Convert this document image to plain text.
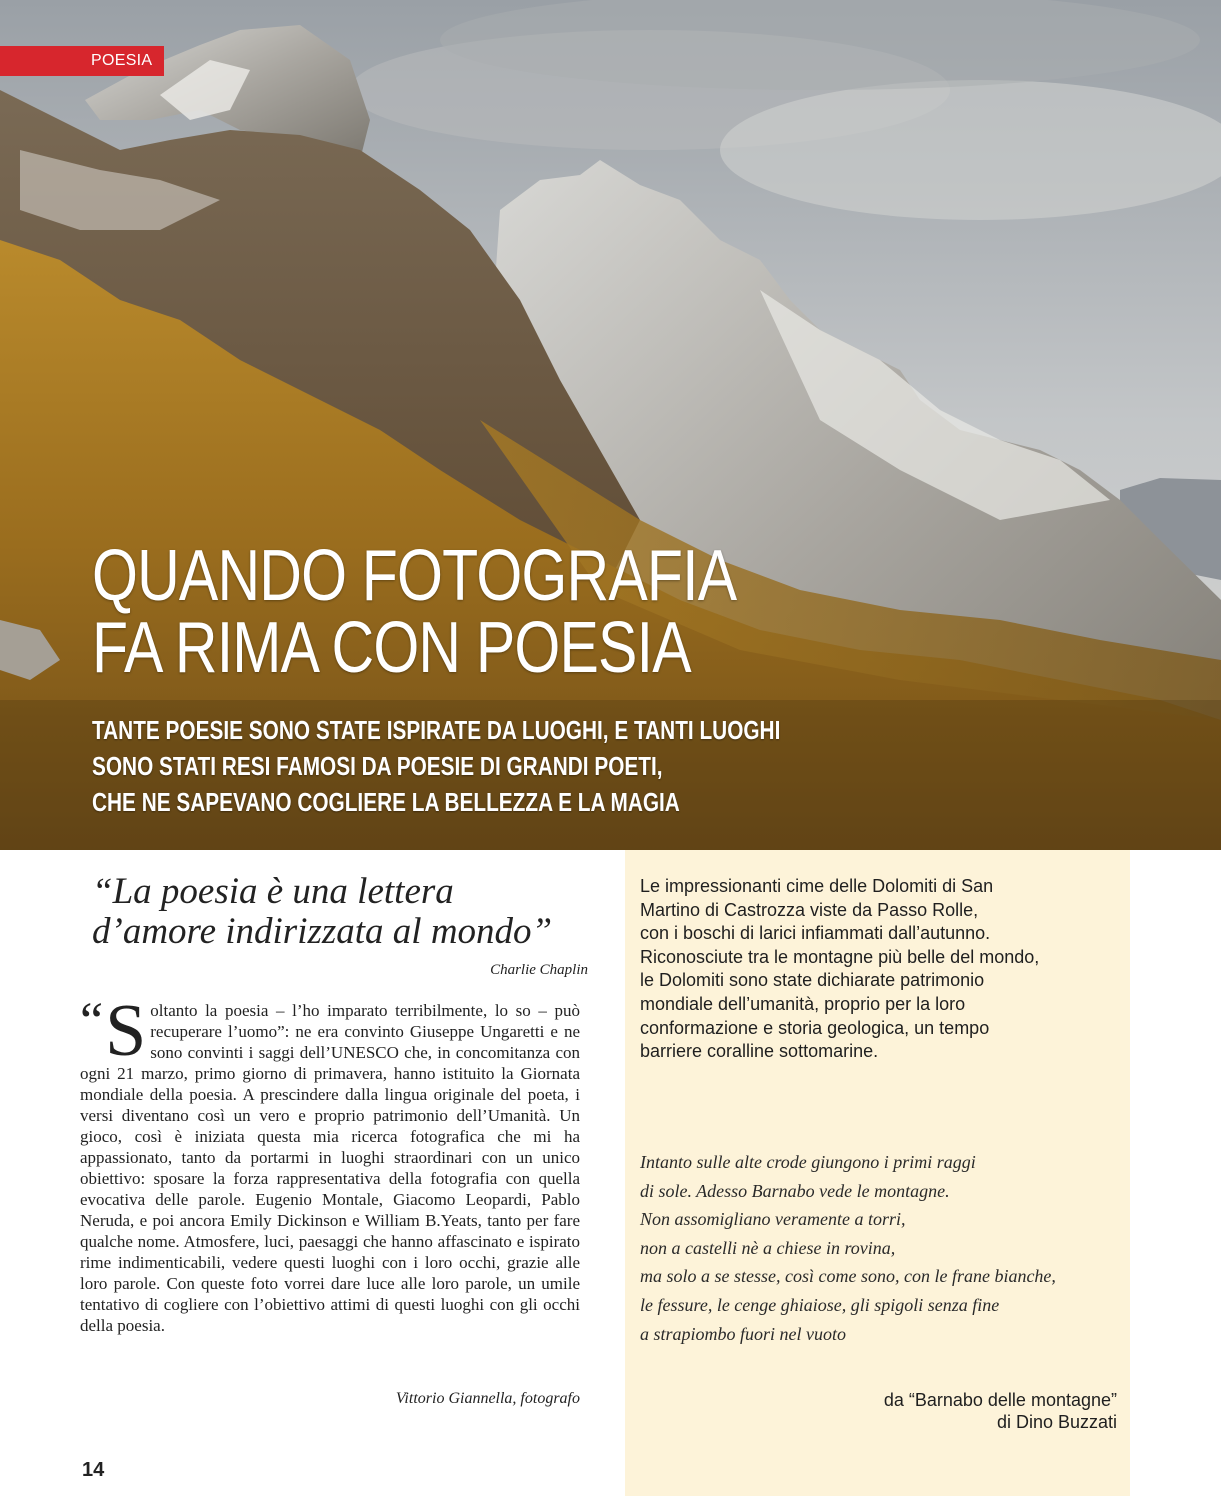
POESIA
QUANDO FOTOGRAFIA
FA RIMA CON POESIA
TANTE POESIE SONO STATE ISPIRATE DA LUOGHI, E TANTI LUOGHI
SONO STATI RESI FAMOSI DA POESIE DI GRANDI POETI,
CHE NE SAPEVANO COGLIERE LA BELLEZZA E LA MAGIA
“La poesia è una lettera
d’amore indirizzata al mondo”
Charlie Chaplin
“ S oltanto la poesia – l’ho imparato terribilmente, lo so – può recuperare l’uomo”: ne era convinto Giuseppe Ungaretti e ne sono convinti i saggi dell’UNESCO che, in concomitanza con ogni 21 marzo, primo giorno di primavera, hanno istituito la Giornata mondiale della poesia. A prescindere dalla lingua originale del poeta, i versi diventano così un vero e proprio patrimonio dell’Umanità. Un gioco, così è iniziata questa mia ricerca fotografica che mi ha appassionato, tanto da portarmi in luoghi straordinari con un unico obiettivo: sposare la forza rappresentativa della fotografia con quella evocativa delle parole. Eugenio Montale, Giacomo Leopardi, Pablo Neruda, e poi ancora Emily Dickinson e William B.Yeats, tanto per fare qualche nome. Atmosfere, luci, paesaggi che hanno affascinato e ispirato rime indimenticabili, vedere questi luoghi con i loro occhi, grazie alle loro parole. Con queste foto vorrei dare luce alle loro parole, un umile tentativo di cogliere con l’obiettivo attimi di questi luoghi con gli occhi della poesia.
Vittorio Giannella, fotografo
14

Le impressionanti cime delle Dolomiti di San
Martino di Castrozza viste da Passo Rolle,
con i boschi di larici infiammati dall’autunno.
Riconosciute tra le montagne più belle del mondo,
le Dolomiti sono state dichiarate patrimonio
mondiale dell’umanità, proprio per la loro
conformazione e storia geologica, un tempo
barriere coralline sottomarine.

Intanto sulle alte crode giungono i primi raggi
di sole. Adesso Barnabo vede le montagne.
Non assomigliano veramente a torri,
non a castelli nè a chiese in rovina,
ma solo a se stesse, così come sono, con le frane bianche,
le fessure, le cenge ghiaiose, gli spigoli senza fine
a strapiombo fuori nel vuoto

da “Barnabo delle montagne”
di Dino Buzzati
